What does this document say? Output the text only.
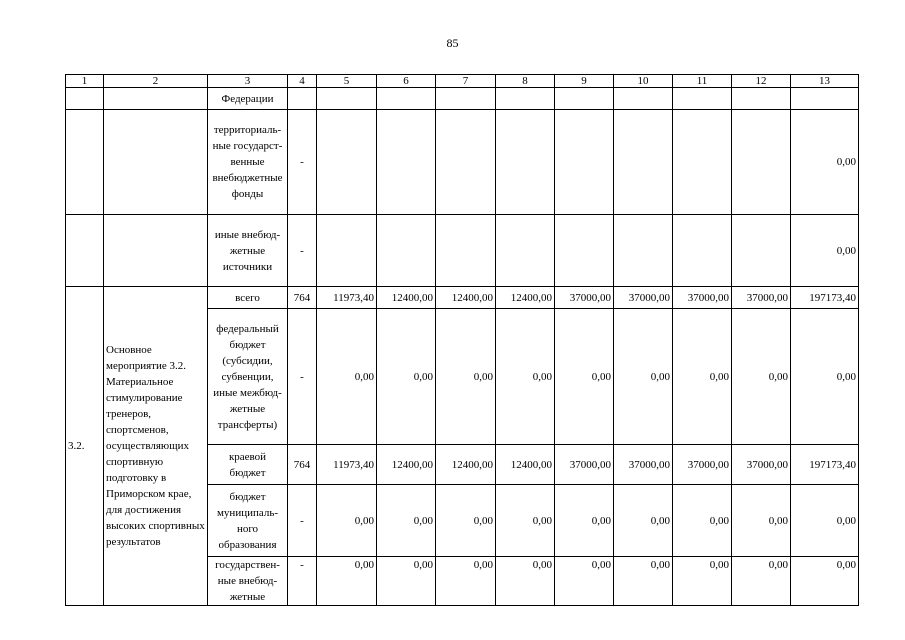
85
1	2	3	4	5	6	7	8	9	10	11	12	13
		Федерации										
		территориаль-ные государст-венные внебюджетные фонды	-									0,00
		иные внебюд-жетные источники	-									0,00
3.2.	Основное мероприятие 3.2. Материальное стимулирование тренеров, спортсменов, осуществляющих спортивную подготовку в Приморском крае, для достижения высоких спортивных результатов	всего	764	11973,40	12400,00	12400,00	12400,00	37000,00	37000,00	37000,00	37000,00	197173,40
		федеральный бюджет (субсидии, субвенции, иные межбюд-жетные трансферты)	-	0,00	0,00	0,00	0,00	0,00	0,00	0,00	0,00	0,00
		краевой бюджет	764	11973,40	12400,00	12400,00	12400,00	37000,00	37000,00	37000,00	37000,00	197173,40
		бюджет муниципаль-ного образования	-	0,00	0,00	0,00	0,00	0,00	0,00	0,00	0,00	0,00
		государствен-ные внебюд-жетные	-	0,00	0,00	0,00	0,00	0,00	0,00	0,00	0,00	0,00
